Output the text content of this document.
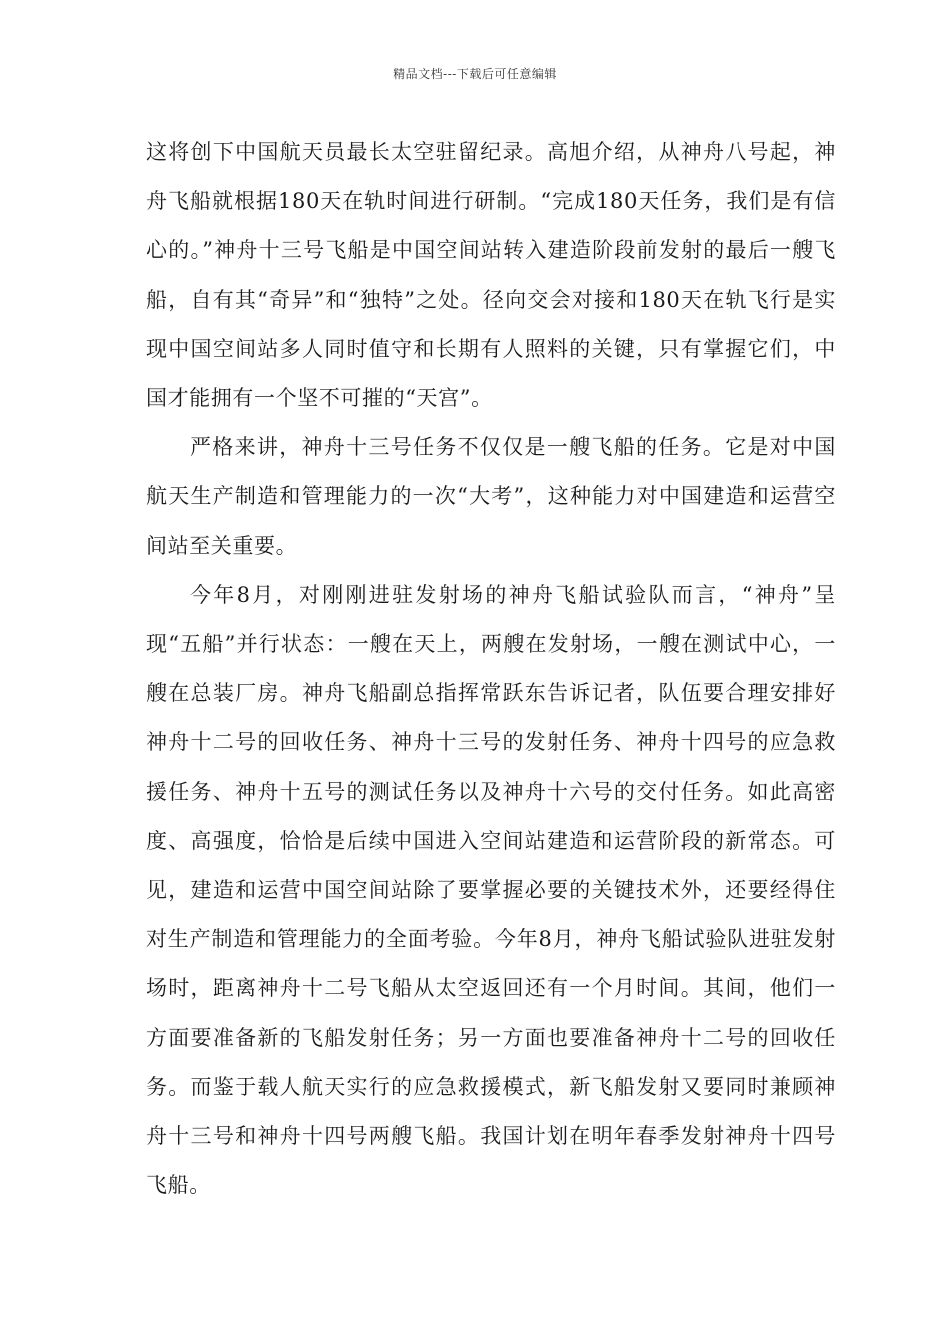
精品文档---下载后可任意编辑

这将创下中国航天员最长太空驻留纪录。高旭介绍，从神舟八号起，神舟飞船就根据180天在轨时间进行研制。“完成180天任务，我们是有信心的。”神舟十三号飞船是中国空间站转入建造阶段前发射的最后一艘飞船，自有其“奇异”和“独特”之处。径向交会对接和180天在轨飞行是实现中国空间站多人同时值守和长期有人照料的关键，只有掌握它们，中国才能拥有一个坚不可摧的“天宫”。

严格来讲，神舟十三号任务不仅仅是一艘飞船的任务。它是对中国航天生产制造和管理能力的一次“大考”，这种能力对中国建造和运营空间站至关重要。

今年8月，对刚刚进驻发射场的神舟飞船试验队而言，“神舟”呈现“五船”并行状态：一艘在天上，两艘在发射场，一艘在测试中心，一艘在总装厂房。神舟飞船副总指挥常跃东告诉记者，队伍要合理安排好神舟十二号的回收任务、神舟十三号的发射任务、神舟十四号的应急救援任务、神舟十五号的测试任务以及神舟十六号的交付任务。如此高密度、高强度，恰恰是后续中国进入空间站建造和运营阶段的新常态。可见，建造和运营中国空间站除了要掌握必要的关键技术外，还要经得住对生产制造和管理能力的全面考验。今年8月，神舟飞船试验队进驻发射场时，距离神舟十二号飞船从太空返回还有一个月时间。其间，他们一方面要准备新的飞船发射任务；另一方面也要准备神舟十二号的回收任务。而鉴于载人航天实行的应急救援模式，新飞船发射又要同时兼顾神舟十三号和神舟十四号两艘飞船。我国计划在明年春季发射神舟十四号飞船。
